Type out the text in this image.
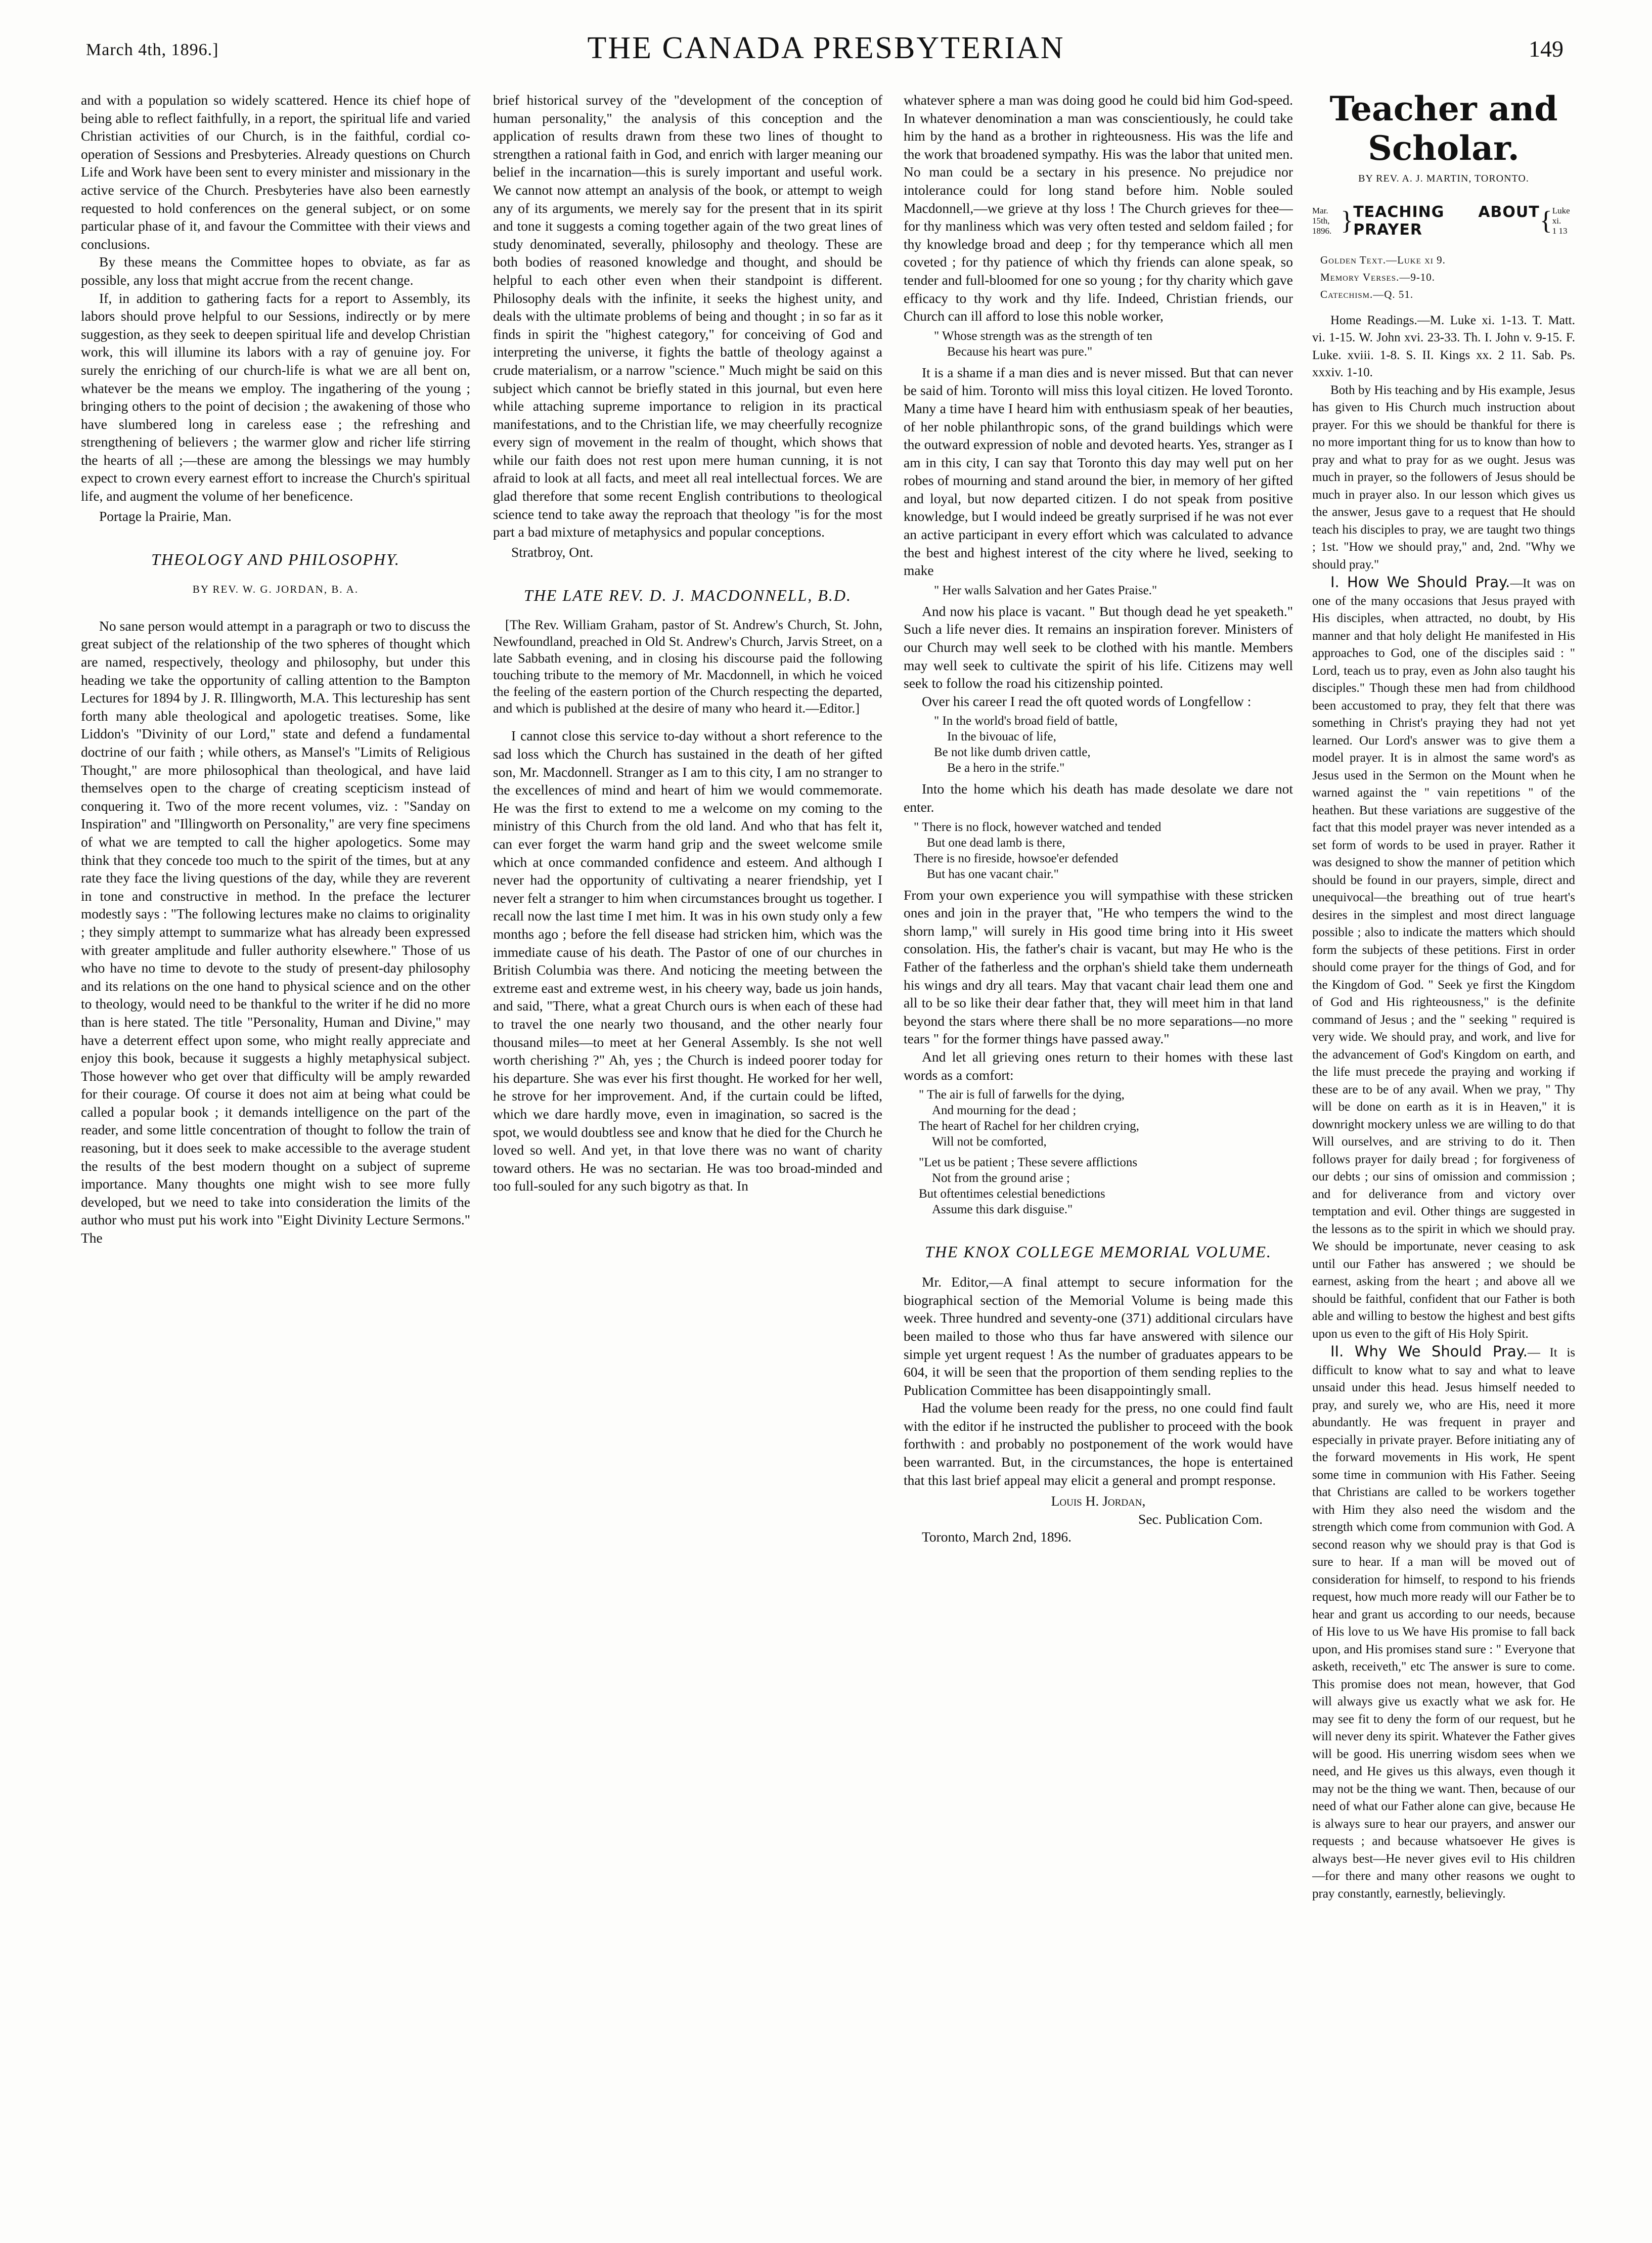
March 4th, 1896.]	THE CANADA PRESBYTERIAN	149

and with a population so widely scattered. Hence its chief hope of being able to reflect faithfully, in a report, the spiritual life and varied Christian activities of our Church, is in the faithful, cordial co-operation of Sessions and Presbyteries. Already questions on Church Life and Work have been sent to every minister and missionary in the active service of the Church. Presbyteries have also been earnestly requested to hold conferences on the general subject, or on some particular phase of it, and favour the Committee with their views and conclusions.

By these means the Committee hopes to obviate, as far as possible, any loss that might accrue from the recent change.

If, in addition to gathering facts for a report to Assembly, its labors should prove helpful to our Sessions, indirectly or by mere suggestion, as they seek to deepen spiritual life and develop Christian work, this will illumine its labors with a ray of genuine joy. For surely the enriching of our church-life is what we are all bent on, whatever be the means we employ. The ingathering of the young ; bringing others to the point of decision ; the awakening of those who have slumbered long in careless ease ; the refreshing and strengthening of believers ; the warmer glow and richer life stirring the hearts of all ;—these are among the blessings we may humbly expect to crown every earnest effort to increase the Church's spiritual life, and augment the volume of her beneficence.

Portage la Prairie, Man.

THEOLOGY AND PHILOSOPHY.
BY REV. W. G. JORDAN, B. A.

No sane person would attempt in a paragraph or two to discuss the great subject of the relationship of the two spheres of thought which are named, respectively, theology and philosophy, but under this heading we take the opportunity of calling attention to the Bampton Lectures for 1894 by J. R. Illingworth, M.A. This lectureship has sent forth many able theological and apologetic treatises. Some, like Liddon's "Divinity of our Lord," state and defend a fundamental doctrine of our faith ; while others, as Mansel's "Limits of Religious Thought," are more philosophical than theological, and have laid themselves open to the charge of creating scepticism instead of conquering it. Two of the more recent volumes, viz. : "Sanday on Inspiration" and "Illingworth on Personality," are very fine specimens of what we are tempted to call the higher apologetics. Some may think that they concede too much to the spirit of the times, but at any rate they face the living questions of the day, while they are reverent in tone and constructive in method. In the preface the lecturer modestly says : "The following lectures make no claims to originality ; they simply attempt to summarize what has already been expressed with greater amplitude and fuller authority elsewhere." Those of us who have no time to devote to the study of present-day philosophy and its relations on the one hand to physical science and on the other to theology, would need to be thankful to the writer if he did no more than is here stated. The title "Personality, Human and Divine," may have a deterrent effect upon some, who might really appreciate and enjoy this book, because it suggests a highly metaphysical subject. Those however who get over that difficulty will be amply rewarded for their courage. Of course it does not aim at being what could be called a popular book ; it demands intelligence on the part of the reader, and some little concentration of thought to follow the train of reasoning, but it does seek to make accessible to the average student the results of the best modern thought on a subject of supreme importance. Many thoughts one might wish to see more fully developed, but we need to take into consideration the limits of the author who must put his work into "Eight Divinity Lecture Sermons." The

brief historical survey of the "development of the conception of human personality," the analysis of this conception and the application of results drawn from these two lines of thought to strengthen a rational faith in God, and enrich with larger meaning our belief in the incarnation—this is surely important and useful work. We cannot now attempt an analysis of the book, or attempt to weigh any of its arguments, we merely say for the present that in its spirit and tone it suggests a coming together again of the two great lines of study denominated, severally, philosophy and theology. These are both bodies of reasoned knowledge and thought, and should be helpful to each other even when their standpoint is different. Philosophy deals with the infinite, it seeks the highest unity, and deals with the ultimate problems of being and thought ; in so far as it finds in spirit the "highest category," for conceiving of God and interpreting the universe, it fights the battle of theology against a crude materialism, or a narrow "science." Much might be said on this subject which cannot be briefly stated in this journal, but even here while attaching supreme importance to religion in its practical manifestations, and to the Christian life, we may cheerfully recognize every sign of movement in the realm of thought, which shows that while our faith does not rest upon mere human cunning, it is not afraid to look at all facts, and meet all real intellectual forces. We are glad therefore that some recent English contributions to theological science tend to take away the reproach that theology "is for the most part a bad mixture of metaphysics and popular conceptions.

Stratbroy, Ont.

THE LATE REV. D. J. MACDONNELL, B.D.

[The Rev. William Graham, pastor of St. Andrew's Church, St. John, Newfoundland, preached in Old St. Andrew's Church, Jarvis Street, on a late Sabbath evening, and in closing his discourse paid the following touching tribute to the memory of Mr. Macdonnell, in which he voiced the feeling of the eastern portion of the Church respecting the departed, and which is published at the desire of many who heard it.—Editor.]

I cannot close this service to-day without a short reference to the sad loss which the Church has sustained in the death of her gifted son, Mr. Macdonnell. Stranger as I am to this city, I am no stranger to the excellences of mind and heart of him we would commemorate. He was the first to extend to me a welcome on my coming to the ministry of this Church from the old land. And who that has felt it, can ever forget the warm hand grip and the sweet welcome smile which at once commanded confidence and esteem. And although I never had the opportunity of cultivating a nearer friendship, yet I never felt a stranger to him when circumstances brought us together. I recall now the last time I met him. It was in his own study only a few months ago ; before the fell disease had stricken him, which was the immediate cause of his death. The Pastor of one of our churches in British Columbia was there. And noticing the meeting between the extreme east and extreme west, in his cheery way, bade us join hands, and said, "There, what a great Church ours is when each of these had to travel the one nearly two thousand, and the other nearly four thousand miles—to meet at her General Assembly. Is she not well worth cherishing ?" Ah, yes ; the Church is indeed poorer today for his departure. She was ever his first thought. He worked for her well, he strove for her improvement. And, if the curtain could be lifted, which we dare hardly move, even in imagination, so sacred is the spot, we would doubtless see and know that he died for the Church he loved so well. And yet, in that love there was no want of charity toward others. He was no sectarian. He was too broad-minded and too full-souled for any such bigotry as that. In

whatever sphere a man was doing good he could bid him God-speed. In whatever denomination a man was conscientiously, he could take him by the hand as a brother in righteousness. His was the life and the work that broadened sympathy. His was the labor that united men. No man could be a sectary in his presence. No prejudice nor intolerance could for long stand before him. Noble souled Macdonnell,—we grieve at thy loss ! The Church grieves for thee—for thy manliness which was very often tested and seldom failed ; for thy knowledge broad and deep ; for thy temperance which all men coveted ; for thy patience of which thy friends can alone speak, so tender and full-bloomed for one so young ; for thy charity which gave efficacy to thy work and thy life. Indeed, Christian friends, our Church can ill afford to lose this noble worker,

" Whose strength was as the strength of ten
Because his heart was pure."

It is a shame if a man dies and is never missed. But that can never be said of him. Toronto will miss this loyal citizen. He loved Toronto. Many a time have I heard him with enthusiasm speak of her beauties, of her noble philanthropic sons, of the grand buildings which were the outward expression of noble and devoted hearts. Yes, stranger as I am in this city, I can say that Toronto this day may well put on her robes of mourning and stand around the bier, in memory of her gifted and loyal, but now departed citizen. I do not speak from positive knowledge, but I would indeed be greatly surprised if he was not ever an active participant in every effort which was calculated to advance the best and highest interest of the city where he lived, seeking to make

" Her walls Salvation and her Gates Praise."

And now his place is vacant. " But though dead he yet speaketh." Such a life never dies. It remains an inspiration forever. Ministers of our Church may well seek to be clothed with his mantle. Members may well seek to cultivate the spirit of his life. Citizens may well seek to follow the road his citizenship pointed.

Over his career I read the oft quoted words of Longfellow :

" In the world's broad field of battle,
In the bivouac of life,
Be not like dumb driven cattle,
Be a hero in the strife."

Into the home which his death has made desolate we dare not enter.

" There is no flock, however watched and tended
But one dead lamb is there,
There is no fireside, howsoe'er defended
But has one vacant chair."

From your own experience you will sympathise with these stricken ones and join in the prayer that, "He who tempers the wind to the shorn lamp," will surely in His good time bring into it His sweet consolation. His, the father's chair is vacant, but may He who is the Father of the fatherless and the orphan's shield take them underneath his wings and dry all tears. May that vacant chair lead them one and all to be so like their dear father that, they will meet him in that land beyond the stars where there shall be no more separations—no more tears " for the former things have passed away."

And let all grieving ones return to their homes with these last words as a comfort:

" The air is full of farwells for the dying,
And mourning for the dead ;
The heart of Rachel for her children crying,
Will not be comforted,
"Let us be patient ; These severe afflictions
Not from the ground arise ;
But oftentimes celestial benedictions
Assume this dark disguise."
THE KNOX COLLEGE MEMORIAL VOLUME.

Mr. Editor,—A final attempt to secure information for the biographical section of the Memorial Volume is being made this week. Three hundred and seventy-one (371) additional circulars have been mailed to those who thus far have answered with silence our simple yet urgent request ! As the number of graduates appears to be 604, it will be seen that the proportion of them sending replies to the Publication Committee has been disappointingly small.

Had the volume been ready for the press, no one could find fault with the editor if he instructed the publisher to proceed with the book forthwith : and probably no postponement of the work would have been warranted. But, in the circumstances, the hope is entertained that this last brief appeal may elicit a general and prompt response.

Louis H. Jordan,
Sec. Publication Com.

Toronto, March 2nd, 1896.

Teacher and Scholar.
BY REV. A. J. MARTIN, TORONTO.
Mar. 15th,
1896. } TEACHING ABOUT PRAYER	{ Luke xi.
1 13
Golden Text.—Luke xi 9.
Memory Verses.—9-10.
Catechism.—Q. 51.

Home Readings.—M. Luke xi. 1-13. T. Matt. vi. 1-15. W. John xvi. 23-33. Th. I. John v. 9-15. F. Luke. xviii. 1-8. S. II. Kings xx. 2 11. Sab. Ps. xxxiv. 1-10.

Both by His teaching and by His example, Jesus has given to His Church much instruction about prayer. For this we should be thankful for there is no more important thing for us to know than how to pray and what to pray for as we ought. Jesus was much in prayer, so the followers of Jesus should be much in prayer also. In our lesson which gives us the answer, Jesus gave to a request that He should teach his disciples to pray, we are taught two things ; 1st. "How we should pray," and, 2nd. "Why we should pray."

I. How We Should Pray.—It was on one of the many occasions that Jesus prayed with His disciples, when attracted, no doubt, by His manner and that holy delight He manifested in His approaches to God, one of the disciples said : " Lord, teach us to pray, even as John also taught his disciples." Though these men had from childhood been accustomed to pray, they felt that there was something in Christ's praying they had not yet learned. Our Lord's answer was to give them a model prayer. It is in almost the same word's as Jesus used in the Sermon on the Mount when he warned against the " vain repetitions " of the heathen. But these variations are suggestive of the fact that this model prayer was never intended as a set form of words to be used in prayer. Rather it was designed to show the manner of petition which should be found in our prayers, simple, direct and unequivocal—the breathing out of true heart's desires in the simplest and most direct language possible ; also to indicate the matters which should form the subjects of these petitions. First in order should come prayer for the things of God, and for the Kingdom of God. " Seek ye first the Kingdom of God and His righteousness," is the definite command of Jesus ; and the " seeking " required is very wide. We should pray, and work, and live for the advancement of God's Kingdom on earth, and the life must precede the praying and working if these are to be of any avail. When we pray, " Thy will be done on earth as it is in Heaven," it is downright mockery unless we are willing to do that Will ourselves, and are striving to do it. Then follows prayer for daily bread ; for forgiveness of our debts ; our sins of omission and commission ; and for deliverance from and victory over temptation and evil. Other things are suggested in the lessons as to the spirit in which we should pray. We should be importunate, never ceasing to ask until our Father has answered ; we should be earnest, asking from the heart ; and above all we should be faithful, confident that our Father is both able and willing to bestow the highest and best gifts upon us even to the gift of His Holy Spirit.

II. Why We Should Pray.— It is difficult to know what to say and what to leave unsaid under this head. Jesus himself needed to pray, and surely we, who are His, need it more abundantly. He was frequent in prayer and especially in private prayer. Before initiating any of the forward movements in His work, He spent some time in communion with His Father. Seeing that Christians are called to be workers together with Him they also need the wisdom and the strength which come from communion with God. A second reason why we should pray is that God is sure to hear. If a man will be moved out of consideration for himself, to respond to his friends request, how much more ready will our Father be to hear and grant us according to our needs, because of His love to us We have His promise to fall back upon, and His promises stand sure : " Everyone that asketh, receiveth," etc The answer is sure to come. This promise does not mean, however, that God will always give us exactly what we ask for. He may see fit to deny the form of our request, but he will never deny its spirit. Whatever the Father gives will be good. His unerring wisdom sees when we need, and He gives us this always, even though it may not be the thing we want. Then, because of our need of what our Father alone can give, because He is always sure to hear our prayers, and answer our requests ; and because whatsoever He gives is always best—He never gives evil to His children —for there and many other reasons we ought to pray constantly, earnestly, believingly.
